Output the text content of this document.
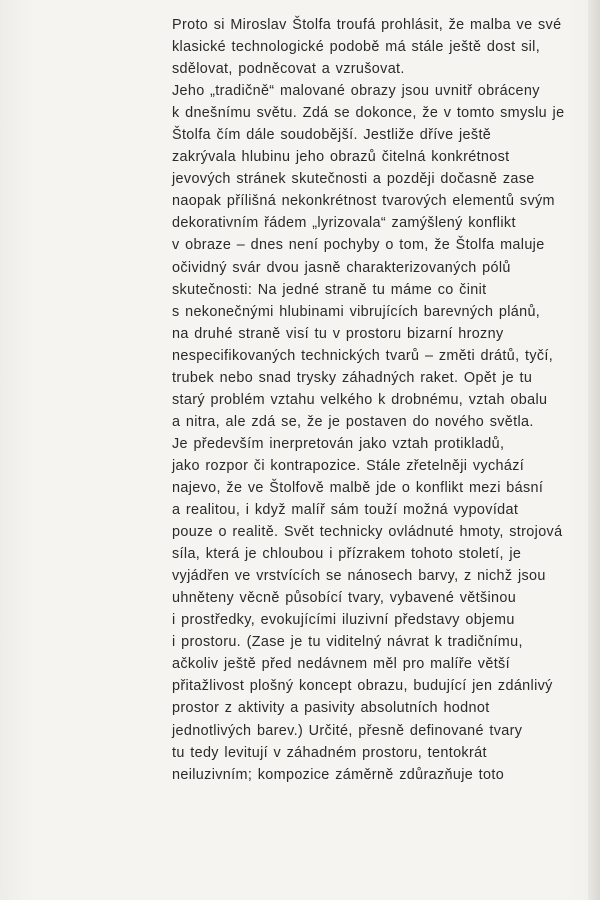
Proto si Miroslav Štolfa troufá prohlásit, že malba ve své
klasické technologické podobě má stále ještě dost sil,
sdělovat, podněcovat a vzrušovat.
Jeho „tradičně“ malované obrazy jsou uvnitř obráceny
k dnešnímu světu. Zdá se dokonce, že v tomto smyslu je
Štolfa čím dále soudobější. Jestliže dříve ještě
zakrývala hlubinu jeho obrazů čitelná konkrétnost
jevových stránek skutečnosti a později dočasně zase
naopak přílišná nekonkrétnost tvarových elementů svým
dekorativním řádem „lyrizovala“ zamýšlený konflikt
v obraze – dnes není pochyby o tom, že Štolfa maluje
očividný svár dvou jasně charakterizovaných pólů
skutečnosti: Na jedné straně tu máme co činit
s nekonečnými hlubinami vibrujících barevných plánů,
na druhé straně visí tu v prostoru bizarní hrozny
nespecifikovaných technických tvarů – změti drátů, tyčí,
trubek nebo snad trysky záhadných raket. Opět je tu
starý problém vztahu velkého k drobnému, vztah obalu
a nitra, ale zdá se, že je postaven do nového světla.
Je především inerpretován jako vztah protikladů,
jako rozpor či kontrapozice. Stále zřetelněji vychází
najevo, že ve Štolfově malbě jde o konflikt mezi básní
a realitou, i když malíř sám touží možná vypovídat
pouze o realitě. Svět technicky ovládnuté hmoty, strojová
síla, která je chloubou i přízrakem tohoto století, je
vyjádřen ve vrstvících se nánosech barvy, z nichž jsou
uhněteny věcně působící tvary, vybavené většinou
i prostředky, evokujícími iluzivní představy objemu
i prostoru. (Zase je tu viditelný návrat k tradičnímu,
ačkoliv ještě před nedávnem měl pro malíře větší
přitažlivost plošný koncept obrazu, budující jen zdánlivý
prostor z aktivity a pasivity absolutních hodnot
jednotlivých barev.) Určité, přesně definované tvary
tu tedy levitují v záhadném prostoru, tentokrát
neiluzivním; kompozice záměrně zdůrazňuje toto
